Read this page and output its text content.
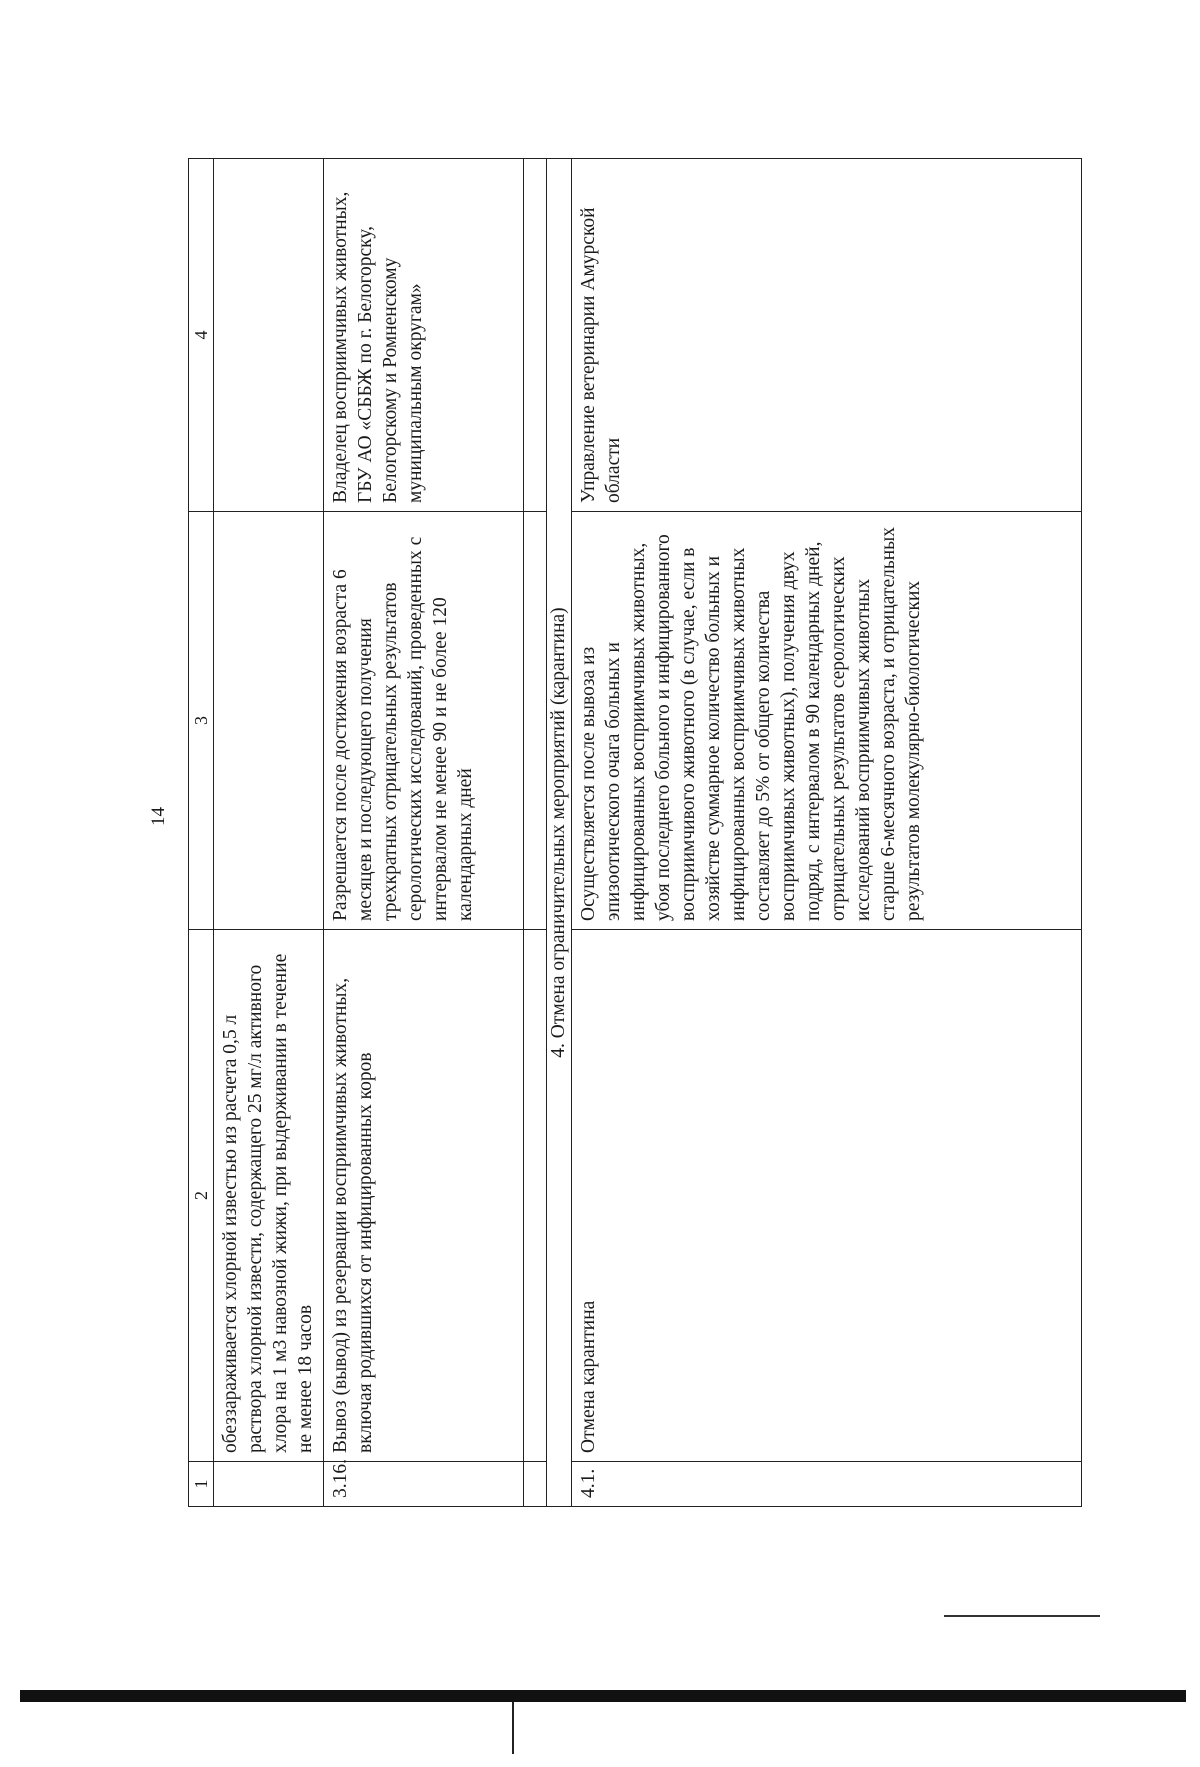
14
1	2	3	4
	обеззараживается хлорной известью из расчета 0,5 л раствора хлорной извести, содержащего 25 мг/л активного хлора на 1 м3 навозной жижи, при выдерживании в течение не менее 18 часов		
3.16.	Вывоз (вывод) из резервации восприимчивых животных, включая родившихся от инфицированных коров	Разрешается после достижения возраста 6 месяцев и последующего получения трехкратных отрицательных результатов серологических исследований, проведенных с интервалом не менее 90 и не более 120 календарных дней	Владелец восприимчивых животных, ГБУ АО «СББЖ по г. Белогорску, Белогорскому и Ромненскому муниципальным округам»

4. Отмена ограничительных мероприятий (карантина)			
4.1.	Отмена карантина	Осуществляется после вывоза из эпизоотического очага больных и инфицированных восприимчивых животных, убоя последнего больного и инфицированного восприимчивого животного (в случае, если в хозяйстве суммарное количество больных и инфицированных восприимчивых животных составляет до 5% от общего количества восприимчивых животных), получения двух подряд, с интервалом в 90 календарных дней, отрицательных результатов серологических исследований восприимчивых животных старше 6-месячного возраста, и отрицательных результатов молекулярно-биологических	Управление ветеринарии Амурской области
